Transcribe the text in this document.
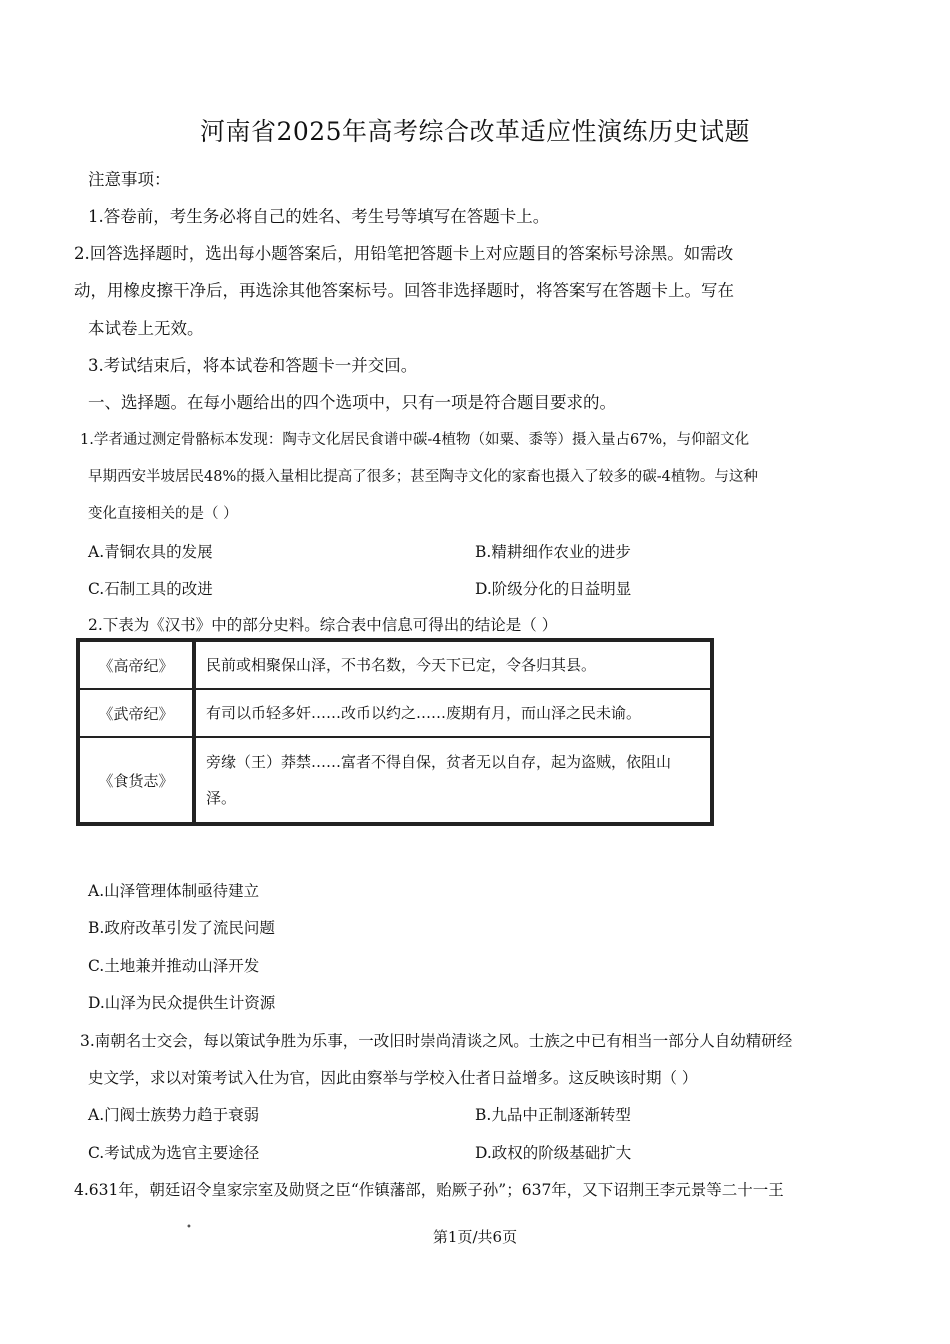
河南省2025年高考综合改革适应性演练历史试题
注意事项：
1.答卷前，考生务必将自己的姓名、考生号等填写在答题卡上。
2.回答选择题时，选出每小题答案后，用铅笔把答题卡上对应题目的答案标号涂黑。如需改
动，用橡皮擦干净后，再选涂其他答案标号。回答非选择题时，将答案写在答题卡上。写在
本试卷上无效。
3.考试结束后，将本试卷和答题卡一并交回。
一、选择题。在每小题给出的四个选项中，只有一项是符合题目要求的。
1.学者通过测定骨骼标本发现：陶寺文化居民食谱中碳-4植物（如粟、黍等）摄入量占67%，与仰韶文化
早期西安半坡居民48%的摄入量相比提高了很多；甚至陶寺文化的家畜也摄入了较多的碳-4植物。与这种
变化直接相关的是（ ）
A.青铜农具的发展	B.精耕细作农业的进步
C.石制工具的改进	D.阶级分化的日益明显
2.下表为《汉书》中的部分史料。综合表中信息可得出的结论是（ ）
《高帝纪》	民前或相聚保山泽，不书名数，今天下已定，令各归其县。
《武帝纪》	有司以币轻多奸……改币以约之……废期有月，而山泽之民未谕。
《食货志》	旁缘（王）莽禁……富者不得自保，贫者无以自存，起为盗贼，依阻山泽。
A.山泽管理体制亟待建立
B.政府改革引发了流民问题
C.土地兼并推动山泽开发
D.山泽为民众提供生计资源
3.南朝名士交会，每以策试争胜为乐事，一改旧时崇尚清谈之风。士族之中已有相当一部分人自幼精研经
史文学，求以对策考试入仕为官，因此由察举与学校入仕者日益增多。这反映该时期（ ）
A.门阀士族势力趋于衰弱	B.九品中正制逐渐转型
C.考试成为选官主要途径	D.政权的阶级基础扩大
4.631年，朝廷诏令皇家宗室及勋贤之臣“作镇藩部，贻厥子孙”；637年，又下诏荆王李元景等二十一王
•
第1页/共6页
